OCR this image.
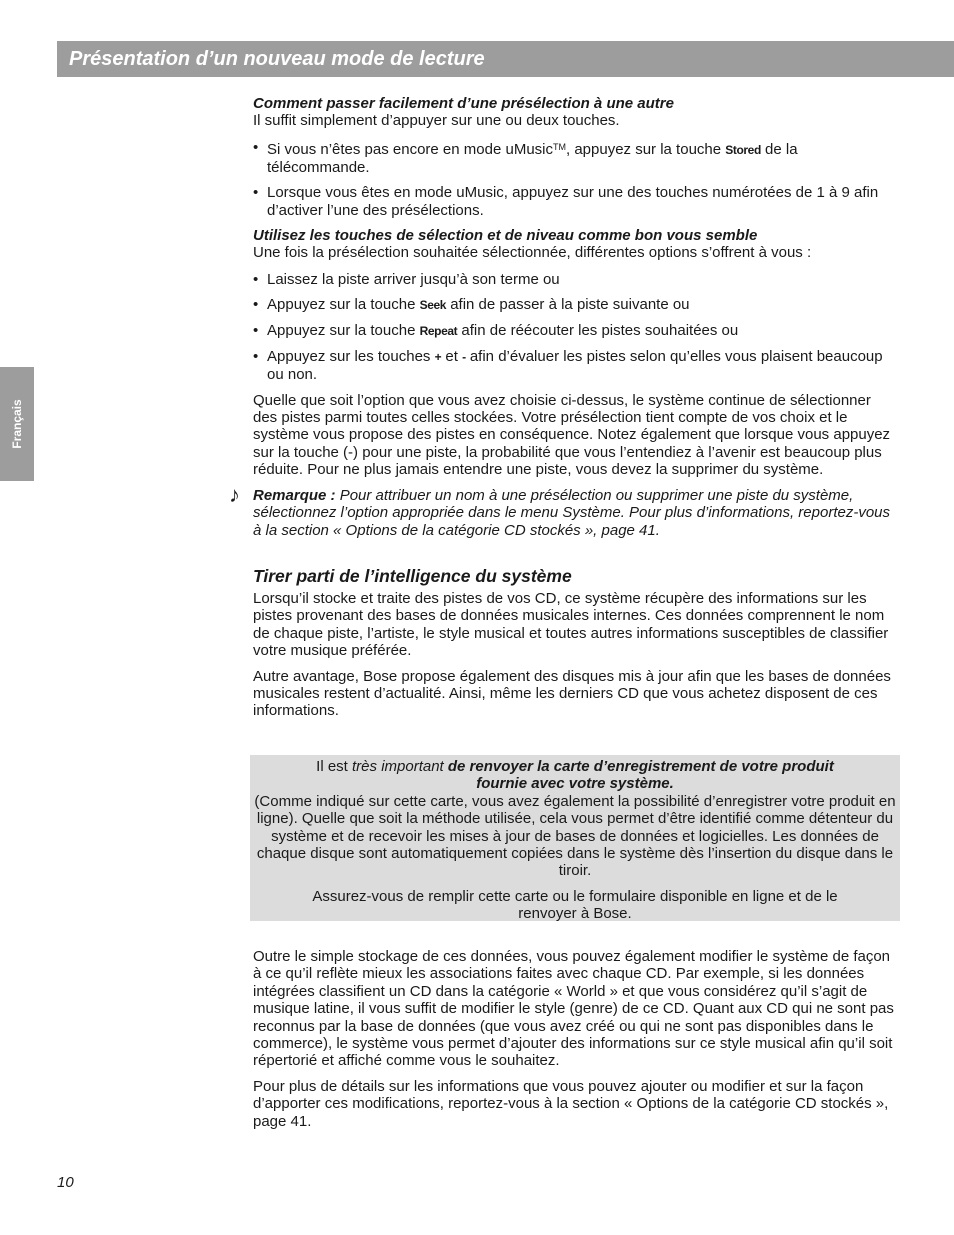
Présentation d’un nouveau mode de lecture
Français

Comment passer facilement d’une présélection à une autre

Il suffit simplement d’appuyer sur une ou deux touches.

• Si vous n’êtes pas encore en mode uMusic™, appuyez sur la touche Stored de la télécommande.
• Lorsque vous êtes en mode uMusic, appuyez sur une des touches numérotées de 1 à 9 afin d’activer l’une des présélections.

Utilisez les touches de sélection et de niveau comme bon vous semble

Une fois la présélection souhaitée sélectionnée, différentes options s’offrent à vous :

• Laissez la piste arriver jusqu’à son terme ou
• Appuyez sur la touche Seek afin de passer à la piste suivante ou
• Appuyez sur la touche Repeat afin de réécouter les pistes souhaitées ou
• Appuyez sur les touches + et - afin d’évaluer les pistes selon qu’elles vous plaisent beaucoup ou non.

Quelle que soit l’option que vous avez choisie ci-dessus, le système continue de sélectionner des pistes parmi toutes celles stockées. Votre présélection tient compte de vos choix et le système vous propose des pistes en conséquence. Notez également que lorsque vous appuyez sur la touche (-) pour une piste, la probabilité que vous l’entendiez à l’avenir est beaucoup plus réduite. Pour ne plus jamais entendre une piste, vous devez la supprimer du système.

♪ Remarque : Pour attribuer un nom à une présélection ou supprimer une piste du système, sélectionnez l’option appropriée dans le menu Système. Pour plus d’informations, reportez-vous à la section « Options de la catégorie CD stockés », page 41.
Tirer parti de l’intelligence du système

Lorsqu’il stocke et traite des pistes de vos CD, ce système récupère des informations sur les pistes provenant des bases de données musicales internes. Ces données comprennent le nom de chaque piste, l’artiste, le style musical et toutes autres informations susceptibles de classifier votre musique préférée.

Autre avantage, Bose propose également des disques mis à jour afin que les bases de données musicales restent d’actualité. Ainsi, même les derniers CD que vous achetez disposent de ces informations.

Il est très important de renvoyer la carte d’enregistrement de votre produit fournie avec votre système.

(Comme indiqué sur cette carte, vous avez également la possibilité d’enregistrer votre produit en ligne). Quelle que soit la méthode utilisée, cela vous permet d’être identifié comme détenteur du système et de recevoir les mises à jour de bases de données et logicielles. Les données de chaque disque sont automatiquement copiées dans le système dès l’insertion du disque dans le tiroir.

Assurez-vous de remplir cette carte ou le formulaire disponible en ligne et de le renvoyer à Bose.

Outre le simple stockage de ces données, vous pouvez également modifier le système de façon à ce qu’il reflète mieux les associations faites avec chaque CD. Par exemple, si les données intégrées classifient un CD dans la catégorie « World » et que vous considérez qu’il s’agit de musique latine, il vous suffit de modifier le style (genre) de ce CD. Quant aux CD qui ne sont pas reconnus par la base de données (que vous avez créé ou qui ne sont pas disponibles dans le commerce), le système vous permet d’ajouter des informations sur ce style musical afin qu’il soit répertorié et affiché comme vous le souhaitez.

Pour plus de détails sur les informations que vous pouvez ajouter ou modifier et sur la façon d’apporter ces modifications, reportez-vous à la section « Options de la catégorie CD stockés », page 41.

10
